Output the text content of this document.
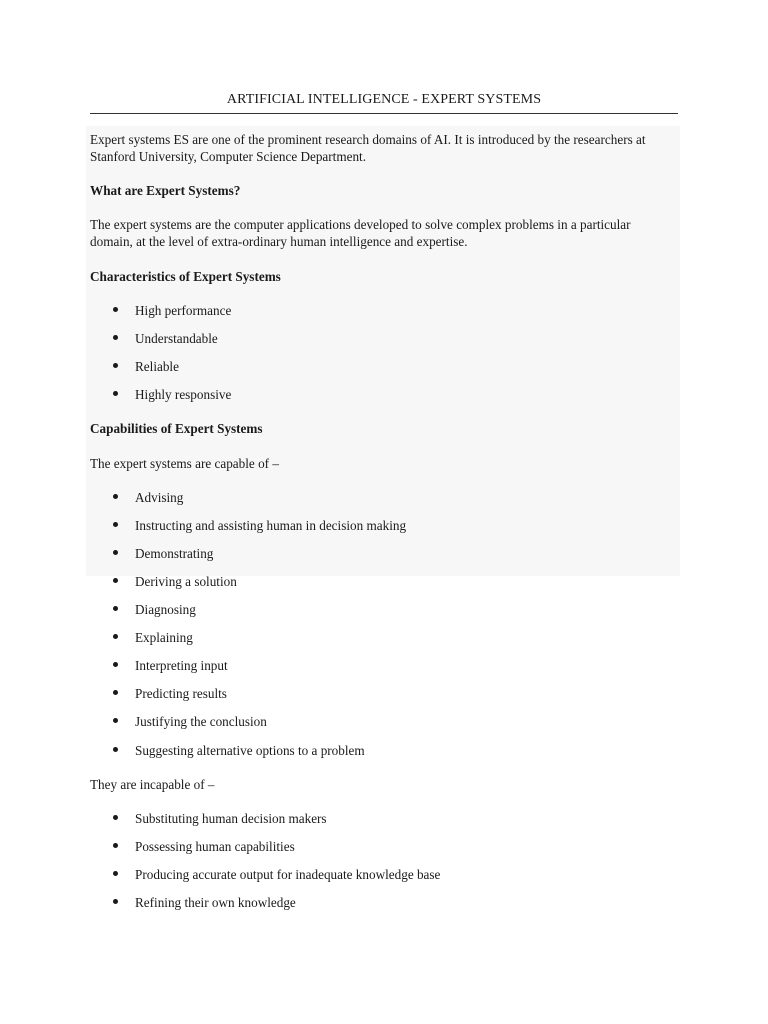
ARTIFICIAL INTELLIGENCE - EXPERT SYSTEMS
Expert systems ES are one of the prominent research domains of AI. It is introduced by the researchers at
Stanford University, Computer Science Department.
What are Expert Systems?
The expert systems are the computer applications developed to solve complex problems in a particular
domain, at the level of extra-ordinary human intelligence and expertise.
Characteristics of Expert Systems
High performance
Understandable
Reliable
Highly responsive
Capabilities of Expert Systems
The expert systems are capable of –
Advising
Instructing and assisting human in decision making
Demonstrating
Deriving a solution
Diagnosing
Explaining
Interpreting input
Predicting results
Justifying the conclusion
Suggesting alternative options to a problem
They are incapable of –
Substituting human decision makers
Possessing human capabilities
Producing accurate output for inadequate knowledge base
Refining their own knowledge
